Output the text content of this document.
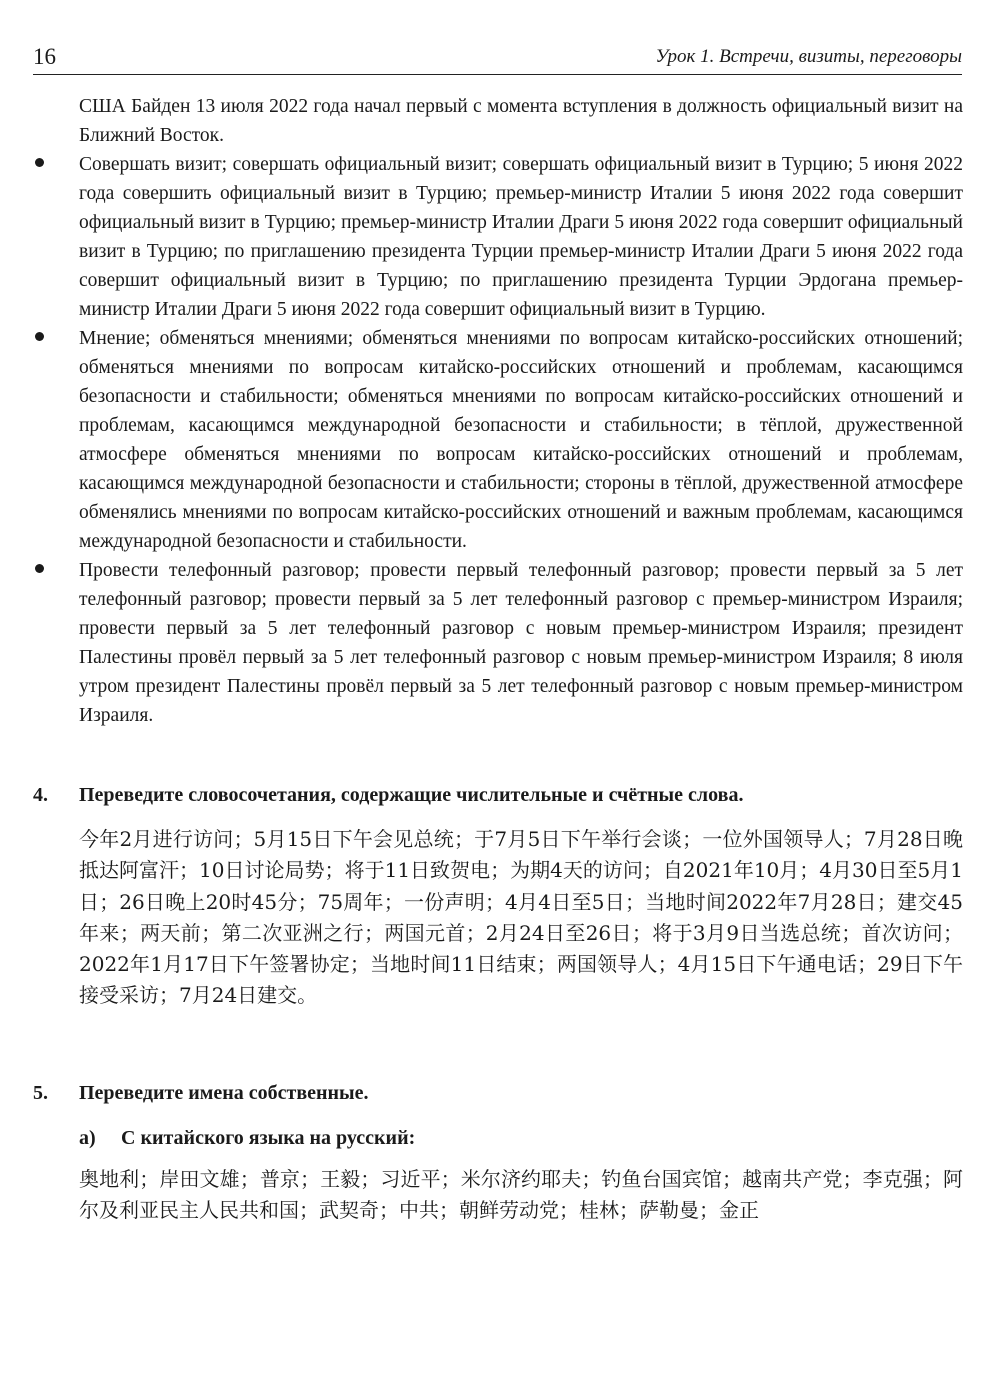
16	Урок 1. Встречи, визиты, переговоры

США Байден 13 июля 2022 года начал первый с момента вступления в должность официальный визит на Ближний Восток.

Совершать визит; совершать официальный визит; совершать официальный визит в Турцию; 5 июня 2022 года совершить официальный визит в Турцию; премьер-министр Италии 5 июня 2022 года совершит официальный визит в Турцию; премьер-министр Италии Драги 5 июня 2022 года совершит официальный визит в Турцию; по приглашению президента Турции премьер-министр Италии Драги 5 июня 2022 года совершит официальный визит в Турцию; по приглашению президента Турции Эрдогана премьер-министр Италии Драги 5 июня 2022 года совершит официальный визит в Турцию.
Мнение; обменяться мнениями; обменяться мнениями по вопросам китайско-российских отношений; обменяться мнениями по вопросам китайско-российских отношений и проблемам, касающимся безопасности и стабильности; обменяться мнениями по вопросам китайско-российских отношений и проблемам, касающимся международной безопасности и стабильности; в тёплой, дружественной атмосфере обменяться мнениями по вопросам китайско-российских отношений и проблемам, касающимся международной безопасности и стабильности; стороны в тёплой, дружественной атмосфере обменялись мнениями по вопросам китайско-российских отношений и важным проблемам, касающимся международной безопасности и стабильности.
Провести телефонный разговор; провести первый телефонный разговор; провести первый за 5 лет телефонный разговор; провести первый за 5 лет телефонный разговор с премьер-министром Израиля; провести первый за 5 лет телефонный разговор с новым премьер-министром Израиля; президент Палестины провёл первый за 5 лет телефонный разговор с новым премьер-министром Израиля; 8 июля утром президент Палестины провёл первый за 5 лет телефонный разговор с новым премьер-министром Израиля.
4.	Переведите словосочетания, содержащие числительные и счётные слова.

今年2月进行访问；5月15日下午会见总统；于7月5日下午举行会谈；一位外国领导人；7月28日晚抵达阿富汗；10日讨论局势；将于11日致贺电；为期4天的访问；自2021年10月；4月30日至5月1日；26日晚上20时45分；75周年；一份声明；4月4日至5日；当地时间2022年7月28日；建交45年来；两天前；第二次亚洲之行；两国元首；2月24日至26日；将于3月9日当选总统；首次访问；2022年1月17日下午签署协定；当地时间11日结束；两国领导人；4月15日下午通电话；29日下午接受采访；7月24日建交。

5.	Переведите имена собственные.
а)	С китайского языка на русский:

奥地利；岸田文雄；普京；王毅；习近平；米尔济约耶夫；钓鱼台国宾馆；越南共产党；李克强；阿尔及利亚民主人民共和国；武契奇；中共；朝鲜劳动党；桂林；萨勒曼；金正
